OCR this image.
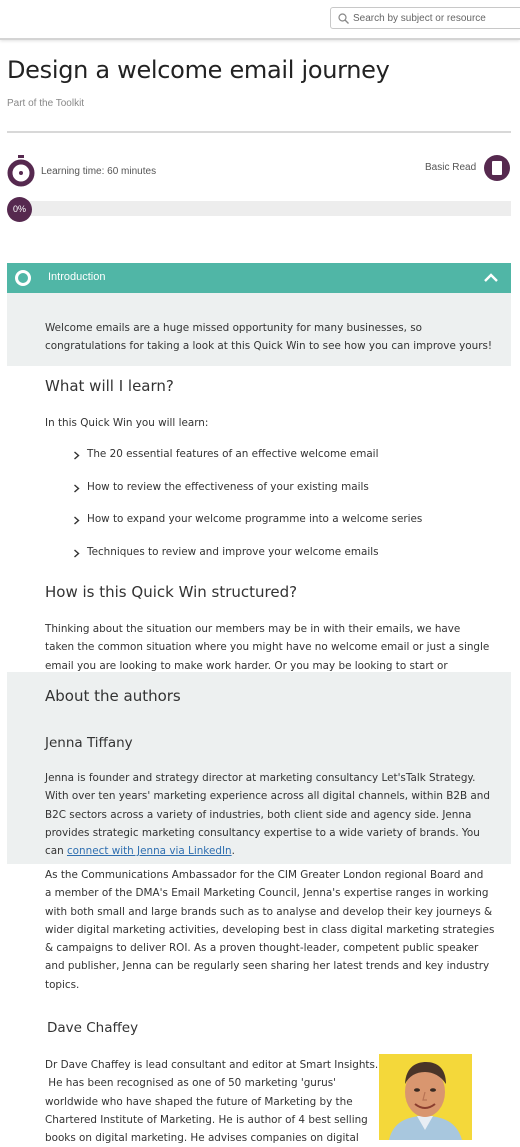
Search by subject or resource
Design a welcome email journey
Part of the Toolkit
Learning time: 60 minutes	Basic Read
0%
Introduction
Welcome emails are a huge missed opportunity for many businesses, so
congratulations for taking a look at this Quick Win to see how you can improve yours!
What will I learn?
In this Quick Win you will learn:
The 20 essential features of an effective welcome email
How to review the effectiveness of your existing mails
How to expand your welcome programme into a welcome series
Techniques to review and improve your welcome emails
How is this Quick Win structured?
Thinking about the situation our members may be in with their emails, we have
taken the common situation where you might have no welcome email or just a single
email you are looking to make work harder. Or you may be looking to start or
About the authors
Jenna Tiffany
Jenna is founder and strategy director at marketing consultancy Let'sTalk Strategy.
With over ten years' marketing experience across all digital channels, within B2B and
B2C sectors across a variety of industries, both client side and agency side. Jenna
provides strategic marketing consultancy expertise to a wide variety of brands. You
can connect with Jenna via LinkedIn.
As the Communications Ambassador for the CIM Greater London regional Board and
a member of the DMA's Email Marketing Council, Jenna's expertise ranges in working
with both small and large brands such as to analyse and develop their key journeys &
wider digital marketing activities, developing best in class digital marketing strategies
& campaigns to deliver ROI. As a proven thought-leader, competent public speaker
and publisher, Jenna can be regularly seen sharing her latest trends and key industry
topics.
Dave Chaffey
Dr Dave Chaffey is lead consultant and editor at Smart Insights.
He has been recognised as one of 50 marketing 'gurus'
worldwide who have shaped the future of Marketing by the
Chartered Institute of Marketing. He is author of 4 best selling
books on digital marketing. He advises companies on digital
